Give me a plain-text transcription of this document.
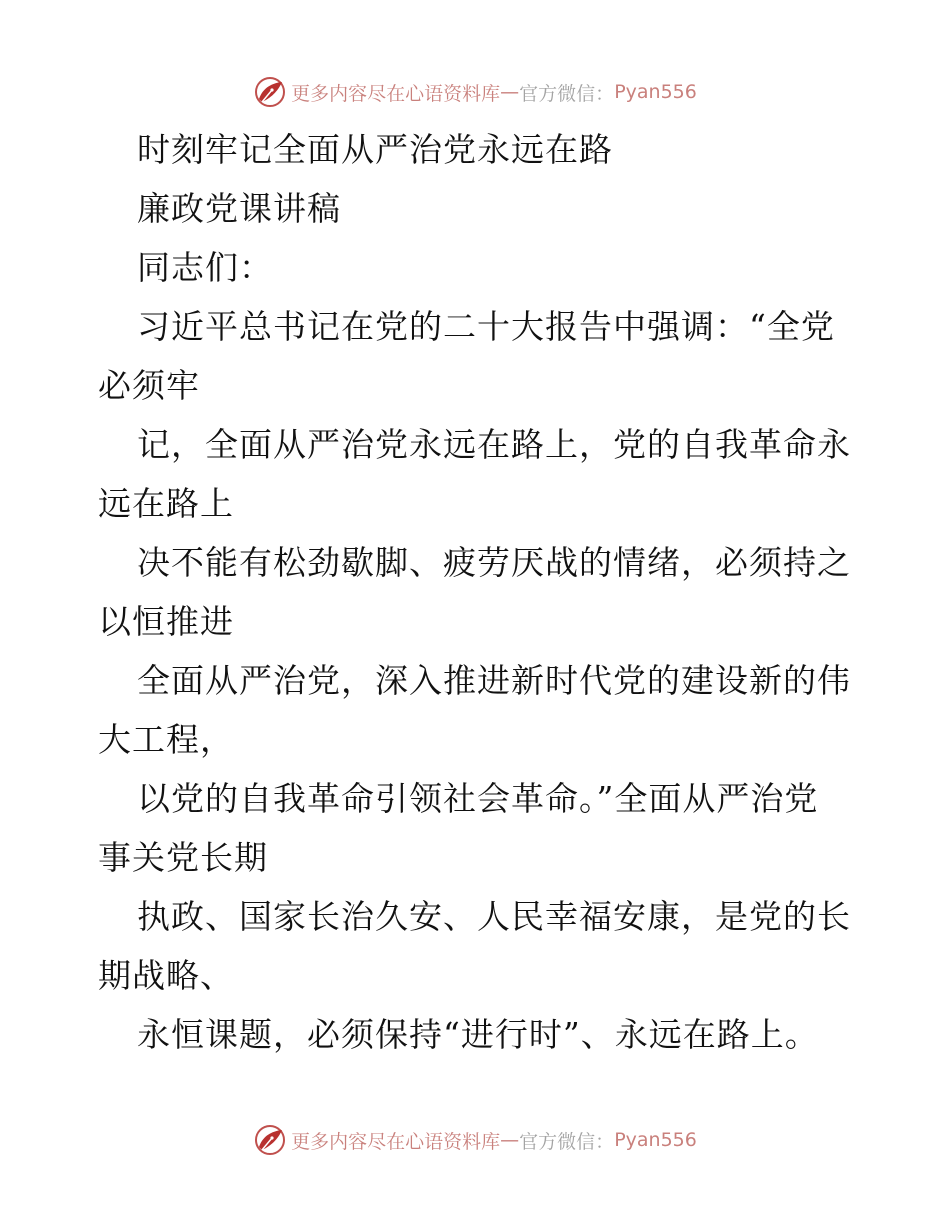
更多内容尽在心语资料库 — 官方微信： Pyan556
时刻牢记全面从严治党永远在路
廉政党课讲稿
同志们：
习近平总书记在党的二十大报告中强调：“全党
必须牢
记，全面从严治党永远在路上，党的自我革命永
远在路上
决不能有松劲歇脚、疲劳厌战的情绪，必须持之
以恒推进
全面从严治党，深入推进新时代党的建设新的伟
大工程，
以党的自我革命引领社会革命。”全面从严治党
事关党长期
执政、国家长治久安、人民幸福安康，是党的长
期战略、
永恒课题，必须保持“进行时”、永远在路上。
更多内容尽在心语资料库 — 官方微信： Pyan556
